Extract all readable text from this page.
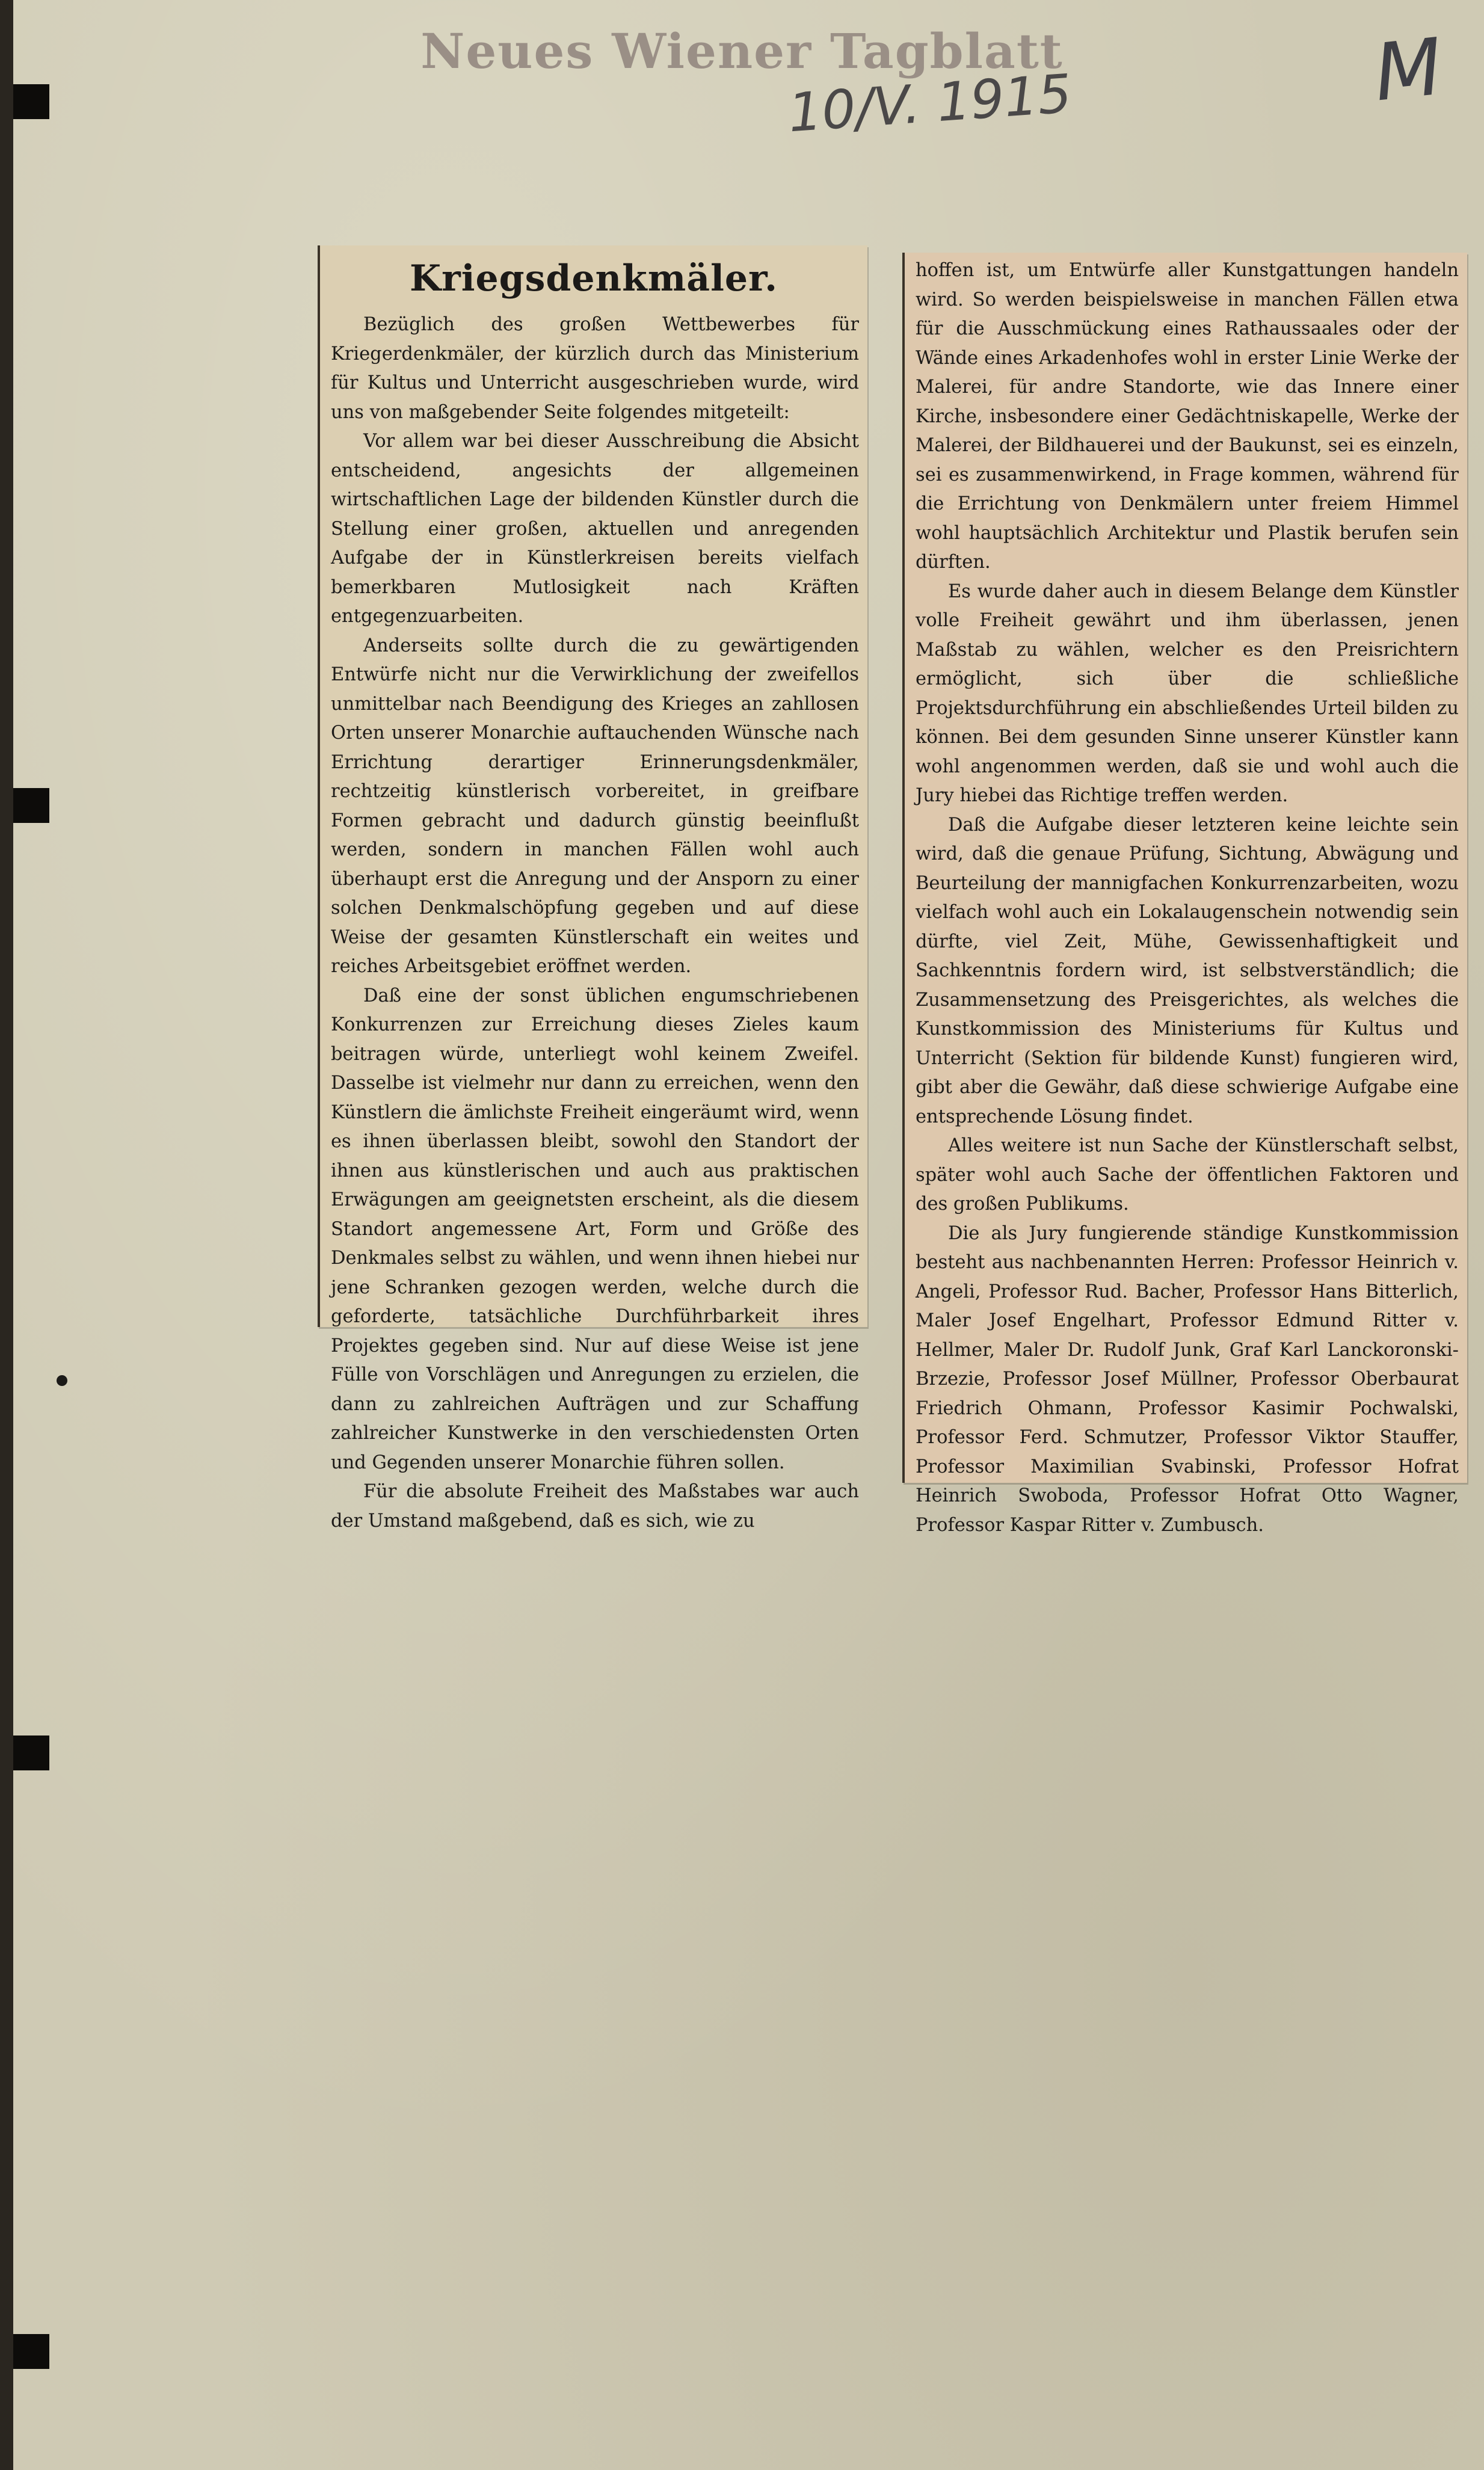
Neues Wiener Tagblatt
10/V. 1915	M
Kriegsdenkmäler.

Bezüglich des großen Wettbewerbes für Kriegerdenkmäler, der kürzlich durch das Ministerium für Kultus und Unterricht ausgeschrieben wurde, wird uns von maßgebender Seite folgendes mitgeteilt:

Vor allem war bei dieser Ausschreibung die Absicht entscheidend, angesichts der allgemeinen wirtschaftlichen Lage der bildenden Künstler durch die Stellung einer großen, aktuellen und anregenden Aufgabe der in Künstlerkreisen bereits vielfach bemerkbaren Mutlosigkeit nach Kräften entgegenzuarbeiten.

Anderseits sollte durch die zu gewärtigenden Entwürfe nicht nur die Verwirklichung der zweifellos unmittelbar nach Beendigung des Krieges an zahllosen Orten unserer Monarchie auftauchenden Wünsche nach Errichtung derartiger Erinnerungsdenkmäler, rechtzeitig künstlerisch vorbereitet, in greifbare Formen gebracht und dadurch günstig beeinflußt werden, sondern in manchen Fällen wohl auch überhaupt erst die Anregung und der Ansporn zu einer solchen Denkmalschöpfung gegeben und auf diese Weise der gesamten Künstlerschaft ein weites und reiches Arbeitsgebiet eröffnet werden.

Daß eine der sonst üblichen engumschriebenen Konkurrenzen zur Erreichung dieses Zieles kaum beitragen würde, unterliegt wohl keinem Zweifel. Dasselbe ist vielmehr nur dann zu erreichen, wenn den Künstlern die ämlichste Freiheit eingeräumt wird, wenn es ihnen überlassen bleibt, sowohl den Standort der ihnen aus künstlerischen und auch aus praktischen Erwägungen am geeignetsten erscheint, als die diesem Standort angemessene Art, Form und Größe des Denkmales selbst zu wählen, und wenn ihnen hiebei nur jene Schranken gezogen werden, welche durch die geforderte, tatsächliche Durchführbarkeit ihres Projektes gegeben sind. Nur auf diese Weise ist jene Fülle von Vorschlägen und Anregungen zu erzielen, die dann zu zahlreichen Aufträgen und zur Schaffung zahlreicher Kunstwerke in den verschiedensten Orten und Gegenden unserer Monarchie führen sollen.

Für die absolute Freiheit des Maßstabes war auch der Umstand maßgebend, daß es sich, wie zu

hoffen ist, um Entwürfe aller Kunstgattungen handeln wird. So werden beispielsweise in manchen Fällen etwa für die Ausschmückung eines Rathaussaales oder der Wände eines Arkadenhofes wohl in erster Linie Werke der Malerei, für andre Standorte, wie das Innere einer Kirche, insbesondere einer Gedächtniskapelle, Werke der Malerei, der Bildhauerei und der Baukunst, sei es einzeln, sei es zusammenwirkend, in Frage kommen, während für die Errichtung von Denkmälern unter freiem Himmel wohl hauptsächlich Architektur und Plastik berufen sein dürften.

Es wurde daher auch in diesem Belange dem Künstler volle Freiheit gewährt und ihm überlassen, jenen Maßstab zu wählen, welcher es den Preisrichtern ermöglicht, sich über die schließliche Projektsdurchführung ein abschließendes Urteil bilden zu können. Bei dem gesunden Sinne unserer Künstler kann wohl angenommen werden, daß sie und wohl auch die Jury hiebei das Richtige treffen werden.

Daß die Aufgabe dieser letzteren keine leichte sein wird, daß die genaue Prüfung, Sichtung, Abwägung und Beurteilung der mannigfachen Konkurrenzarbeiten, wozu vielfach wohl auch ein Lokalaugenschein notwendig sein dürfte, viel Zeit, Mühe, Gewissenhaftigkeit und Sachkenntnis fordern wird, ist selbstverständlich; die Zusammensetzung des Preisgerichtes, als welches die Kunstkommission des Ministeriums für Kultus und Unterricht (Sektion für bildende Kunst) fungieren wird, gibt aber die Gewähr, daß diese schwierige Aufgabe eine entsprechende Lösung findet.

Alles weitere ist nun Sache der Künstlerschaft selbst, später wohl auch Sache der öffentlichen Faktoren und des großen Publikums.

Die als Jury fungierende ständige Kunstkommission besteht aus nachbenannten Herren: Professor Heinrich v. Angeli, Professor Rud. Bacher, Professor Hans Bitterlich, Maler Josef Engelhart, Professor Edmund Ritter v. Hellmer, Maler Dr. Rudolf Junk, Graf Karl Lanckoronski-Brzezie, Professor Josef Müllner, Professor Oberbaurat Friedrich Ohmann, Professor Kasimir Pochwalski, Professor Ferd. Schmutzer, Professor Viktor Stauffer, Professor Maximilian Svabinski, Professor Hofrat Heinrich Swoboda, Professor Hofrat Otto Wagner, Professor Kaspar Ritter v. Zumbusch.
